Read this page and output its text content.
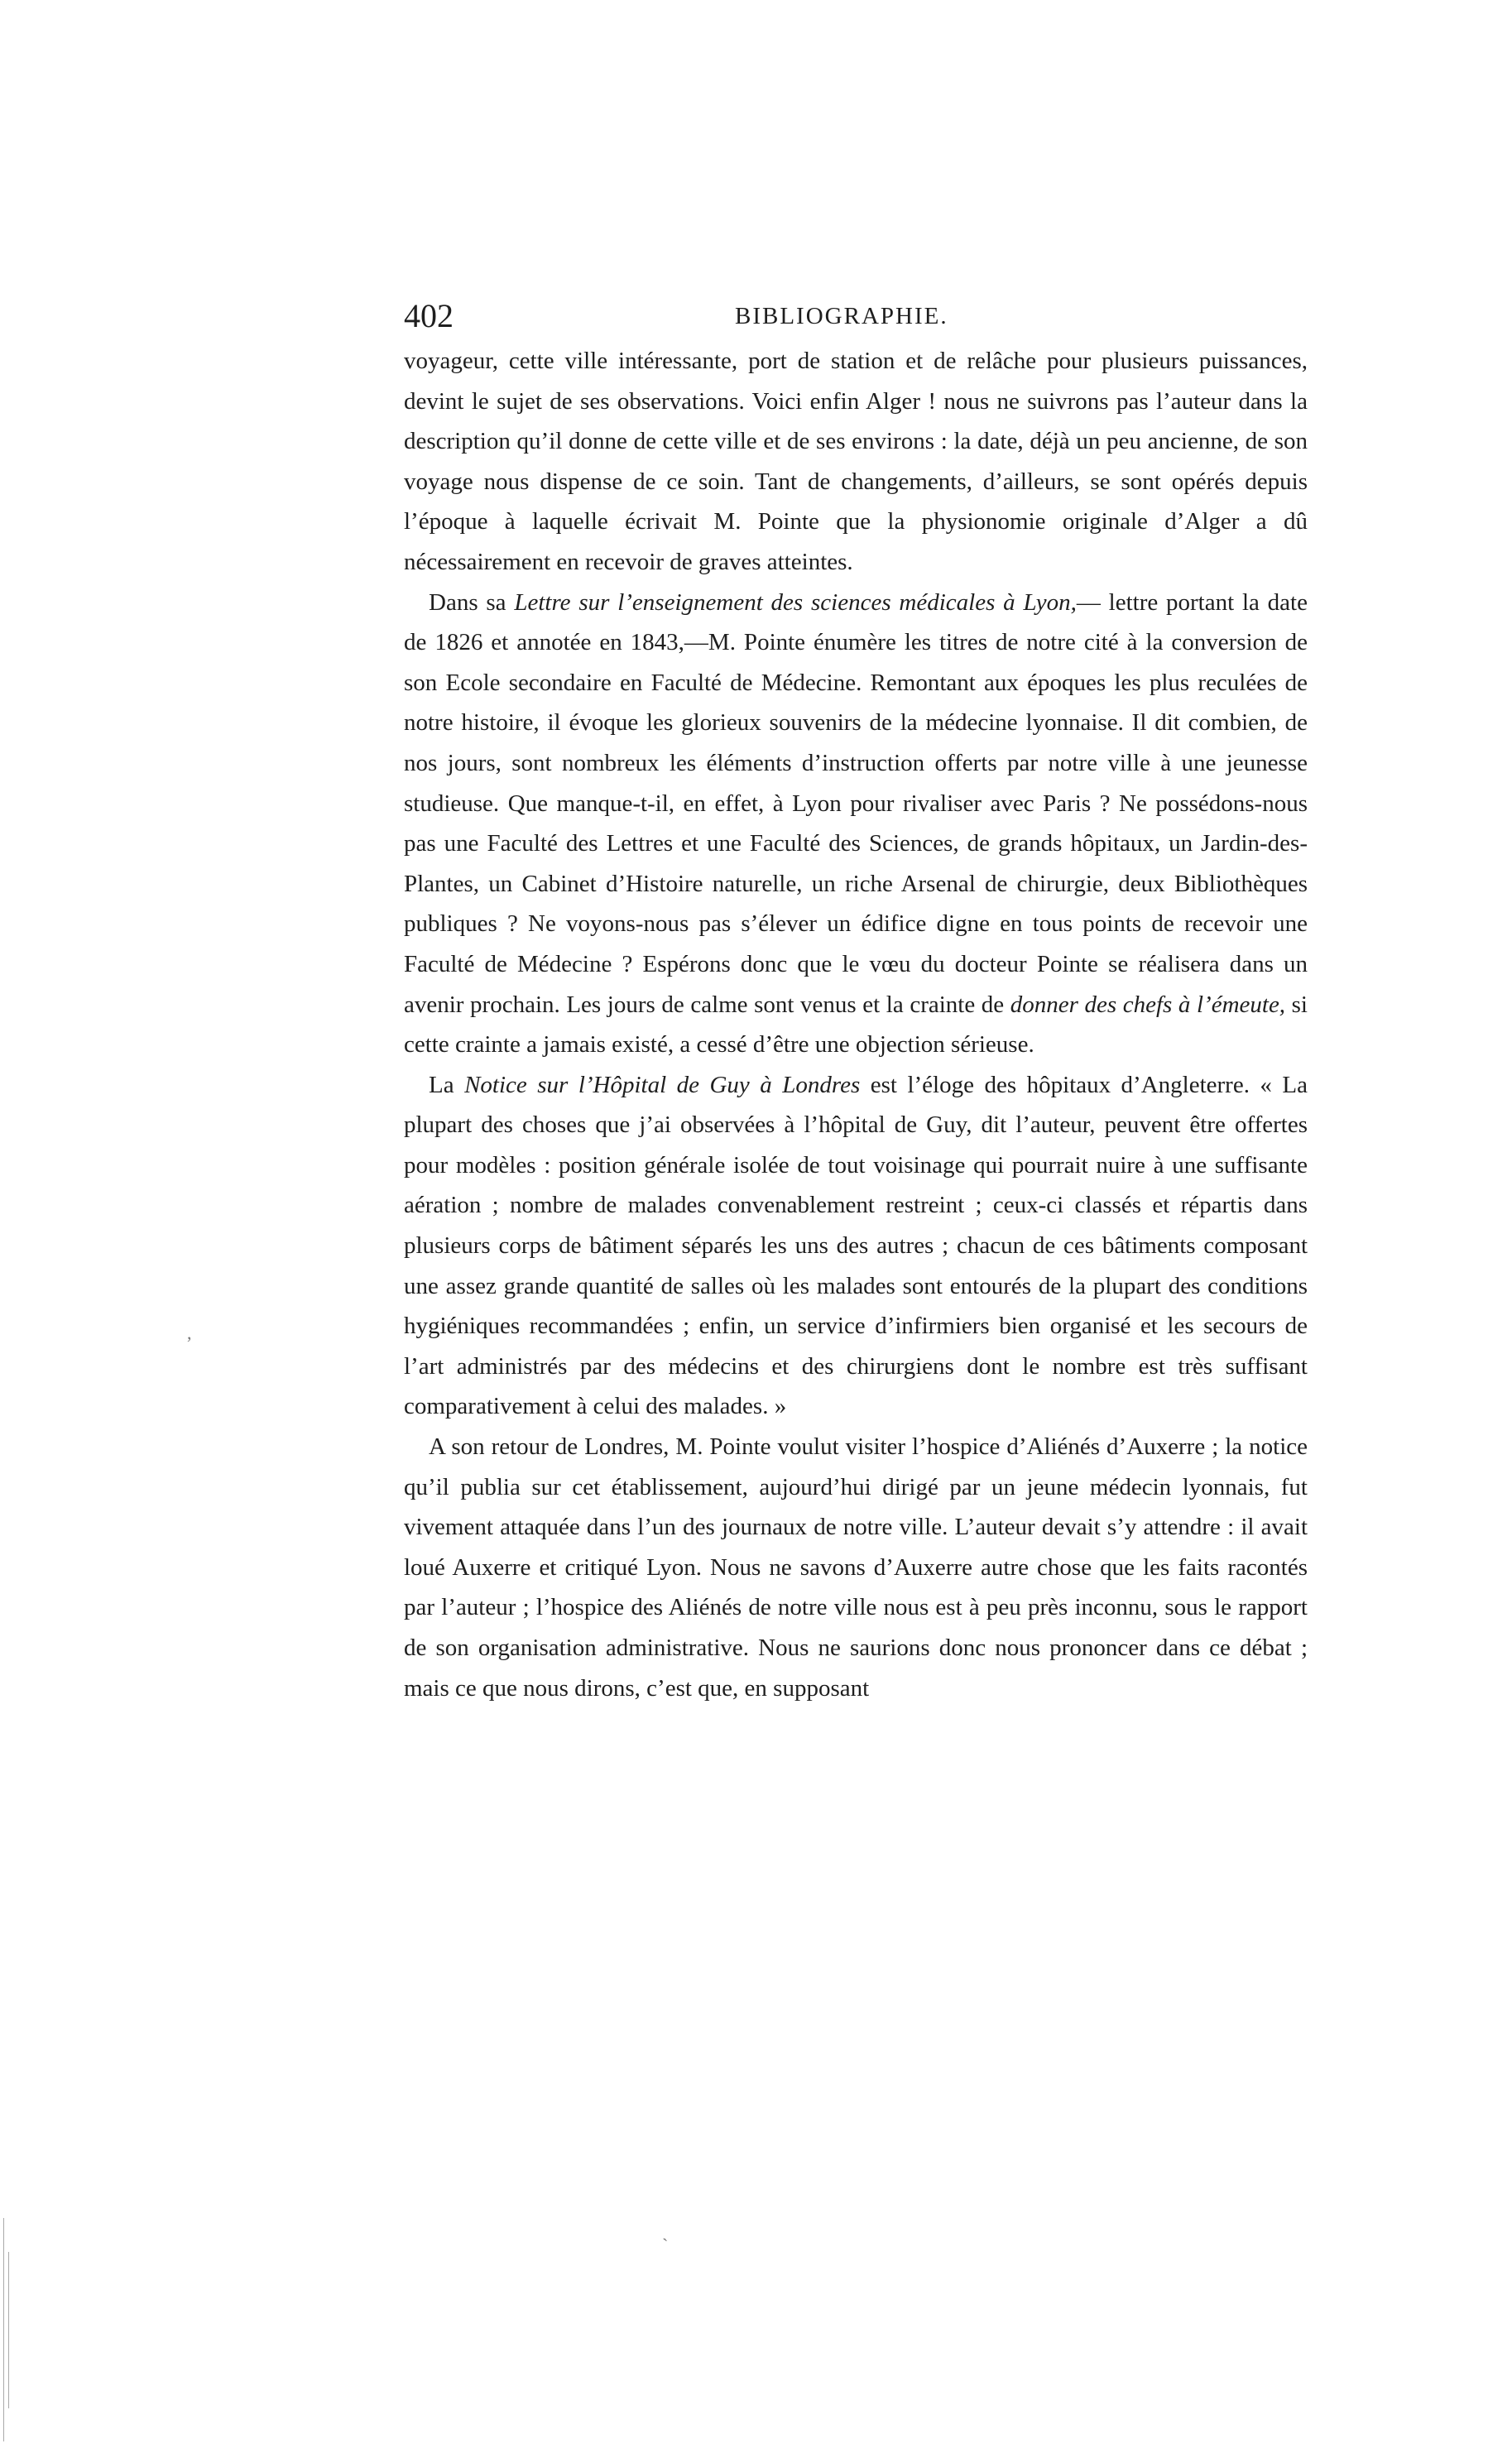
402	BIBLIOGRAPHIE.

voyageur, cette ville intéressante, port de station et de relâche pour plusieurs puissances, devint le sujet de ses observations. Voici enfin Alger ! nous ne suivrons pas l’auteur dans la description qu’il donne de cette ville et de ses environs : la date, déjà un peu ancienne, de son voyage nous dispense de ce soin. Tant de changements, d’ailleurs, se sont opérés depuis l’époque à laquelle écrivait M. Pointe que la physionomie originale d’Alger a dû nécessairement en recevoir de graves atteintes.

Dans sa Lettre sur l’enseignement des sciences médicales à Lyon,— lettre portant la date de 1826 et annotée en 1843,—M. Pointe énumère les titres de notre cité à la conversion de son Ecole secondaire en Faculté de Médecine. Remontant aux époques les plus reculées de notre histoire, il évoque les glorieux souvenirs de la médecine lyonnaise. Il dit combien, de nos jours, sont nombreux les éléments d’instruction offerts par notre ville à une jeunesse studieuse. Que manque-t-il, en effet, à Lyon pour rivaliser avec Paris ? Ne possédons-nous pas une Faculté des Lettres et une Faculté des Sciences, de grands hôpitaux, un Jardin-des-Plantes, un Cabinet d’Histoire naturelle, un riche Arsenal de chirurgie, deux Bibliothèques publiques ? Ne voyons-nous pas s’élever un édifice digne en tous points de recevoir une Faculté de Médecine ? Espérons donc que le vœu du docteur Pointe se réalisera dans un avenir prochain. Les jours de calme sont venus et la crainte de donner des chefs à l’émeute, si cette crainte a jamais existé, a cessé d’être une objection sérieuse.

La Notice sur l’Hôpital de Guy à Londres est l’éloge des hôpitaux d’Angleterre. « La plupart des choses que j’ai observées à l’hôpital de Guy, dit l’auteur, peuvent être offertes pour modèles : position générale isolée de tout voisinage qui pourrait nuire à une suffisante aération ; nombre de malades convenablement restreint ; ceux-ci classés et répartis dans plusieurs corps de bâtiment séparés les uns des autres ; chacun de ces bâtiments composant une assez grande quantité de salles où les malades sont entourés de la plupart des conditions hygiéniques recommandées ; enfin, un service d’infirmiers bien organisé et les secours de l’art administrés par des médecins et des chirurgiens dont le nombre est très suffisant comparativement à celui des malades. »

A son retour de Londres, M. Pointe voulut visiter l’hospice d’Aliénés d’Auxerre ; la notice qu’il publia sur cet établissement, aujourd’hui dirigé par un jeune médecin lyonnais, fut vivement attaquée dans l’un des journaux de notre ville. L’auteur devait s’y attendre : il avait loué Auxerre et critiqué Lyon. Nous ne savons d’Auxerre autre chose que les faits racontés par l’auteur ; l’hospice des Aliénés de notre ville nous est à peu près inconnu, sous le rapport de son organisation administrative. Nous ne saurions donc nous prononcer dans ce débat ; mais ce que nous dirons, c’est que, en supposant

,
`
